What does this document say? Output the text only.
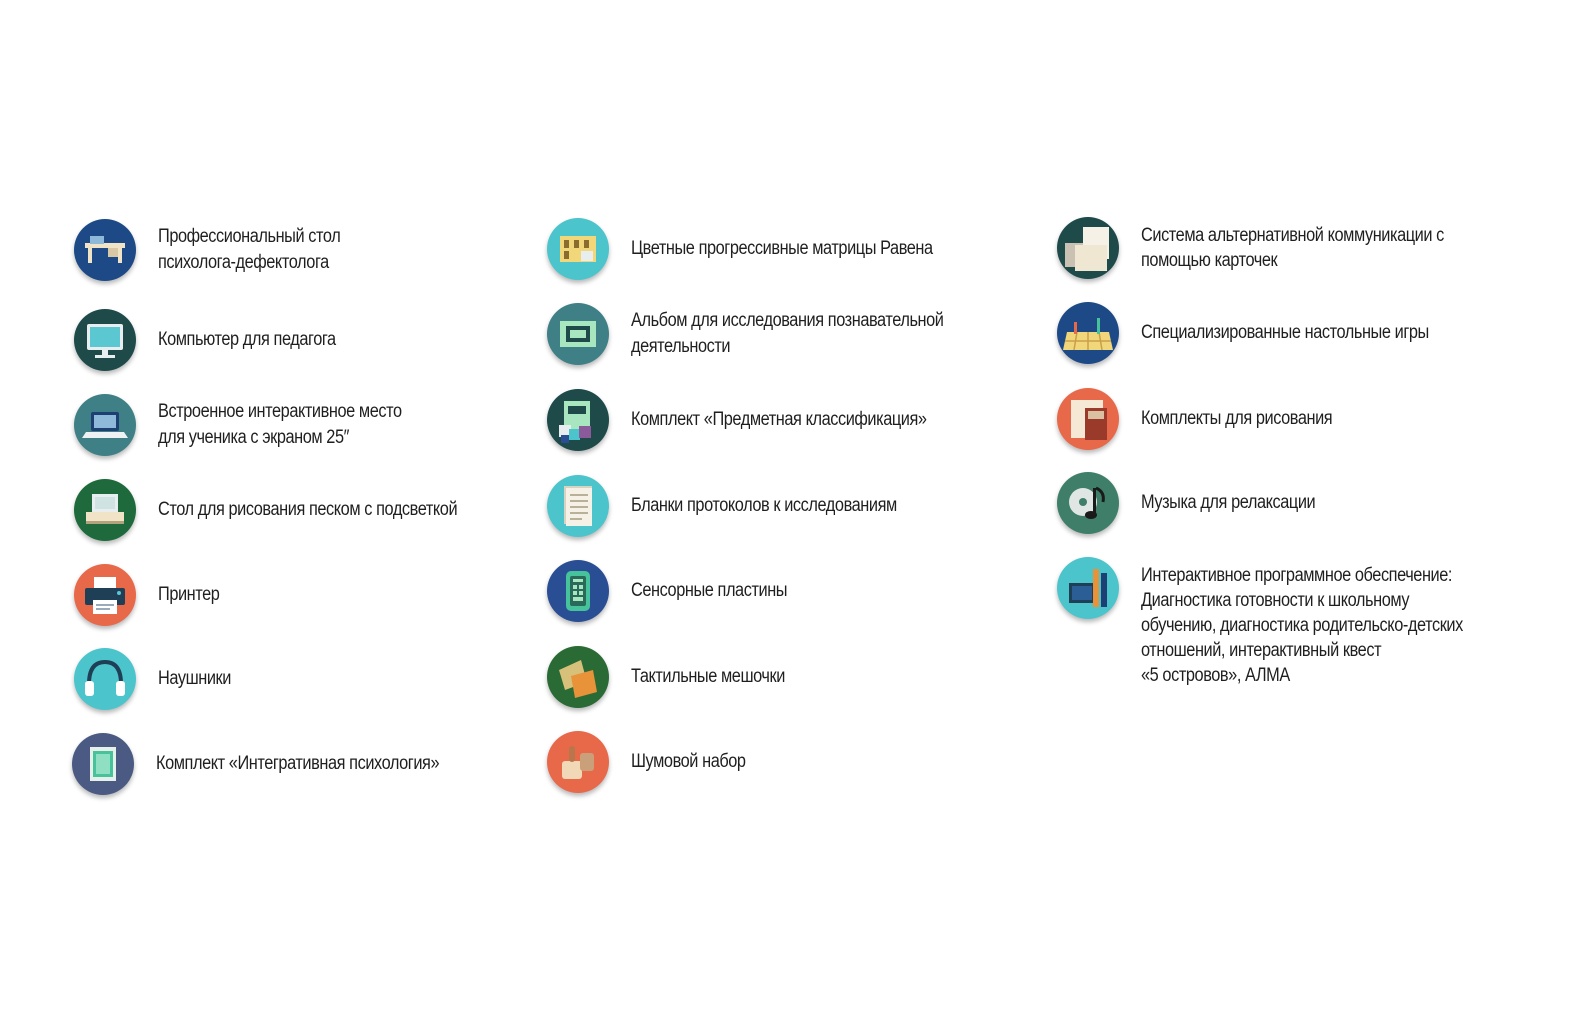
Профессиональный стол
психолога-дефектолога
Компьютер для педагога
Встроенное интерактивное место
для ученика с экраном 25″
Стол для рисования песком с подсветкой
Принтер
Наушники
Комплект «Интегративная психология»
Цветные прогрессивные матрицы Равена
Альбом для исследования познавательной
деятельности
Комплект «Предметная классификация»
Бланки протоколов к исследованиям
Сенсорные пластины
Тактильные мешочки
Шумовой набор
Система альтернативной коммуникации с
помощью карточек
Специализированные настольные игры
Комплекты для рисования
Музыка для релаксации
Интерактивное программное обеспечение:
Диагностика готовности к школьному
обучению, диагностика родительско-детских
отношений, интерактивный квест
«5 островов», АЛМА
